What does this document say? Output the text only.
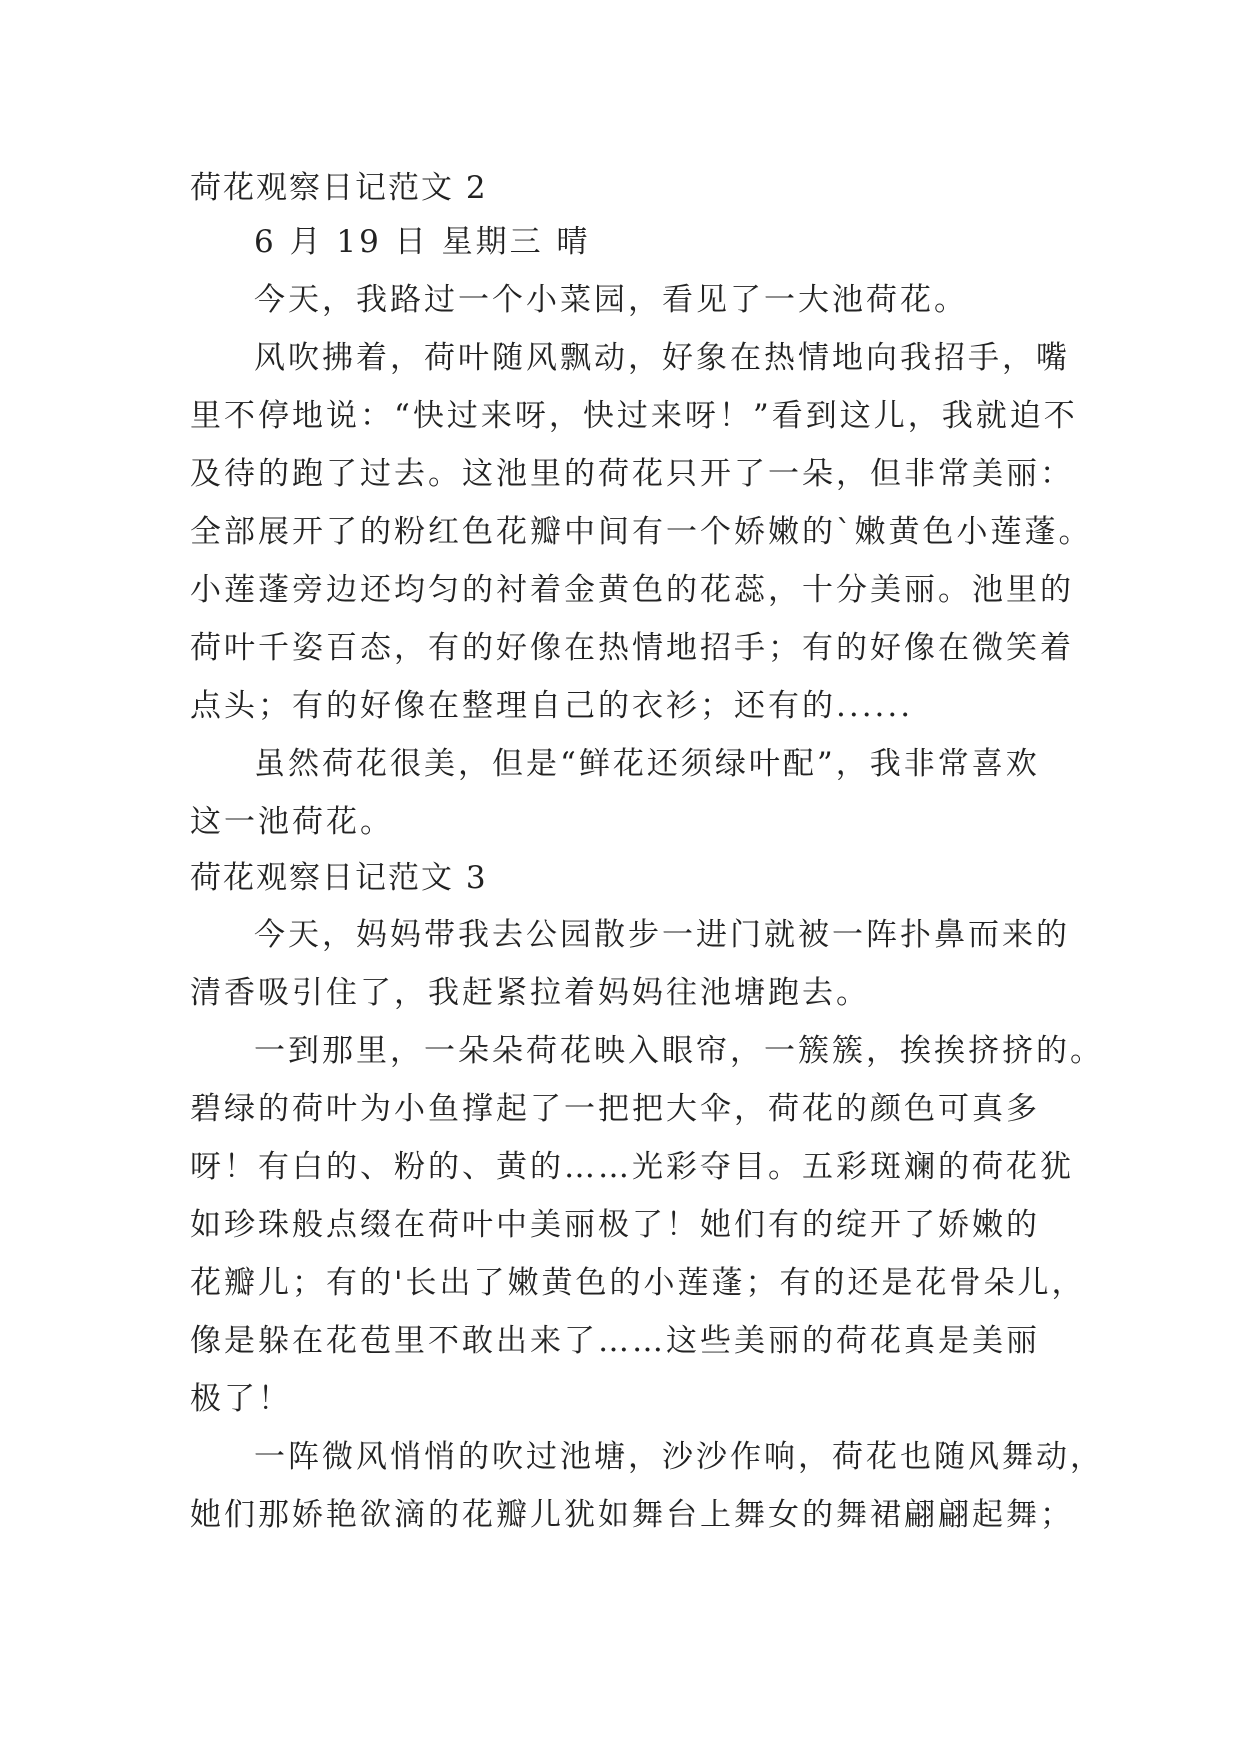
荷花观察日记范文 2
6 月 19 日 星期三 晴
今天，我路过一个小菜园，看见了一大池荷花。
风吹拂着，荷叶随风飘动，好象在热情地向我招手，嘴
里不停地说：“快过来呀，快过来呀！”看到这儿，我就迫不
及待的跑了过去。这池里的荷花只开了一朵，但非常美丽：
全部展开了的粉红色花瓣中间有一个娇嫩的`嫩黄色小莲蓬。
小莲蓬旁边还均匀的衬着金黄色的花蕊，十分美丽。池里的
荷叶千姿百态，有的好像在热情地招手；有的好像在微笑着
点头；有的好像在整理自己的衣衫；还有的......
虽然荷花很美，但是“鲜花还须绿叶配”，我非常喜欢
这一池荷花。
荷花观察日记范文 3
今天，妈妈带我去公园散步一进门就被一阵扑鼻而来的
清香吸引住了，我赶紧拉着妈妈往池塘跑去。
一到那里，一朵朵荷花映入眼帘，一簇簇，挨挨挤挤的。
碧绿的荷叶为小鱼撑起了一把把大伞，荷花的颜色可真多
呀！有白的、粉的、黄的……光彩夺目。五彩斑斓的荷花犹
如珍珠般点缀在荷叶中美丽极了！她们有的绽开了娇嫩的
花瓣儿；有的'长出了嫩黄色的小莲蓬；有的还是花骨朵儿，
像是躲在花苞里不敢出来了……这些美丽的荷花真是美丽
极了！
一阵微风悄悄的吹过池塘，沙沙作响，荷花也随风舞动，
她们那娇艳欲滴的花瓣儿犹如舞台上舞女的舞裙翩翩起舞；
